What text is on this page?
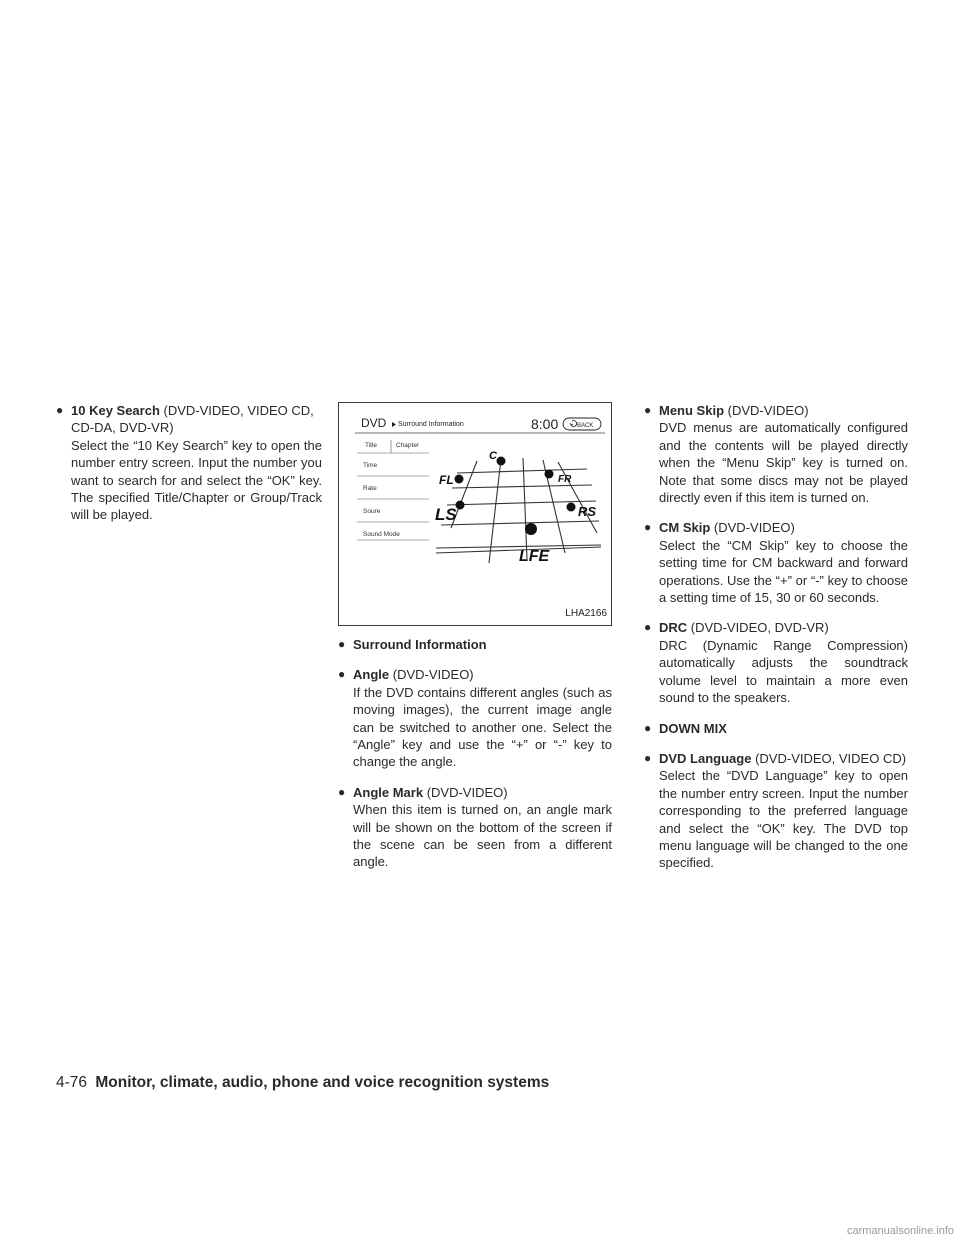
● 10 Key Search (DVD-VIDEO, VIDEO CD, CD-DA, DVD-VR)

Select the “10 Key Search” key to open the number entry screen. Input the number you want to search for and select the “OK” key. The specified Title/Chapter or Group/Track will be played.

DVD Surround Information	8:00	BACK
Title	Chapter
Time
Rate
Soure
Sound Mode
FL
C
FR
LS	RS
LFE
LHA2166
● Surround Information
● Angle (DVD-VIDEO)

If the DVD contains different angles (such as moving images), the current image angle can be switched to another one. Select the “Angle” key and use the “+” or “-” key to change the angle.

● Angle Mark (DVD-VIDEO)

When this item is turned on, an angle mark will be shown on the bottom of the screen if the scene can be seen from a different angle.

● Menu Skip (DVD-VIDEO)

DVD menus are automatically configured and the contents will be played directly when the “Menu Skip” key is turned on. Note that some discs may not be played directly even if this item is turned on.

● CM Skip (DVD-VIDEO)

Select the “CM Skip” key to choose the setting time for CM backward and forward operations. Use the “+” or “-” key to choose a setting time of 15, 30 or 60 seconds.

● DRC (DVD-VIDEO, DVD-VR)

DRC (Dynamic Range Compression) automatically adjusts the soundtrack volume level to maintain a more even sound to the speakers.

● DOWN MIX
● DVD Language (DVD-VIDEO, VIDEO CD)

Select the “DVD Language” key to open the number entry screen. Input the number corresponding to the preferred language and select the “OK” key. The DVD top menu language will be changed to the one specified.

4-76 Monitor, climate, audio, phone and voice recognition systems
carmanualsonline.info
